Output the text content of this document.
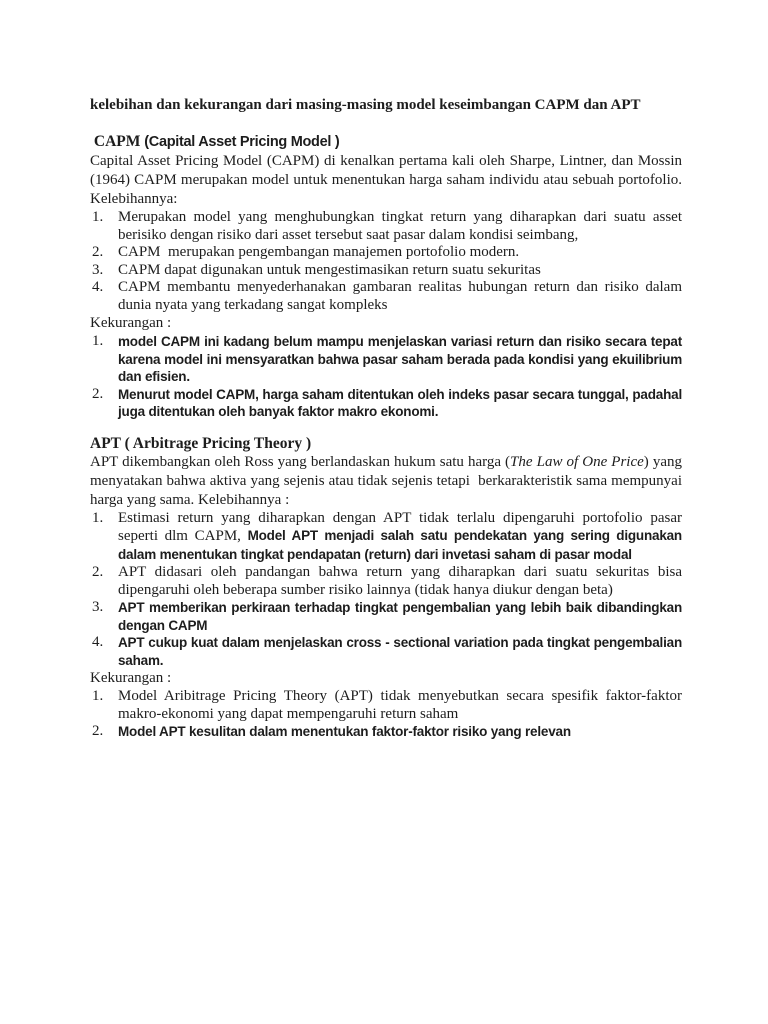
kelebihan dan kekurangan dari masing-masing model keseimbangan CAPM dan APT
CAPM (Capital Asset Pricing Model )

Capital Asset Pricing Model (CAPM) di kenalkan pertama kali oleh Sharpe, Lintner, dan Mossin (1964) CAPM merupakan model untuk menentukan harga saham individu atau sebuah portofolio. Kelebihannya:

1. Merupakan model yang menghubungkan tingkat return yang diharapkan dari suatu asset berisiko dengan risiko dari asset tersebut saat pasar dalam kondisi seimbang,
2. CAPM  merupakan pengembangan manajemen portofolio modern.
3. CAPM dapat digunakan untuk mengestimasikan return suatu sekuritas
4. CAPM membantu menyederhanakan gambaran realitas hubungan return dan risiko dalam dunia nyata yang terkadang sangat kompleks

Kekurangan :

1.	model CAPM ini kadang belum mampu menjelaskan variasi return dan risiko secara tepat karena model ini mensyaratkan bahwa pasar saham berada pada kondisi yang ekuilibrium dan efisien.
2.	Menurut model CAPM, harga saham ditentukan oleh indeks pasar secara tunggal, padahal juga ditentukan oleh banyak faktor makro ekonomi.
APT ( Arbitrage Pricing Theory )

APT dikembangkan oleh Ross yang berlandaskan hukum satu harga (The Law of One Price) yang menyatakan bahwa aktiva yang sejenis atau tidak sejenis tetapi  berkarakteristik sama mempunyai harga yang sama. Kelebihannya :

1. Estimasi return yang diharapkan dengan APT tidak terlalu dipengaruhi portofolio pasar seperti dlm CAPM, Model APT menjadi salah satu pendekatan yang sering digunakan dalam menentukan tingkat pendapatan (return) dari invetasi saham di pasar modal
2. APT didasari oleh pandangan bahwa return yang diharapkan dari suatu sekuritas bisa dipengaruhi oleh beberapa sumber risiko lainnya (tidak hanya diukur dengan beta)
3.	APT memberikan perkiraan terhadap tingkat pengembalian yang lebih baik dibandingkan dengan CAPM
4.	APT cukup kuat dalam menjelaskan cross - sectional variation pada tingkat pengembalian saham.

Kekurangan :

1. Model Aribitrage Pricing Theory (APT) tidak menyebutkan secara spesifik faktor-faktor makro-ekonomi yang dapat mempengaruhi return saham
2.	Model APT kesulitan dalam menentukan faktor-faktor risiko yang relevan
